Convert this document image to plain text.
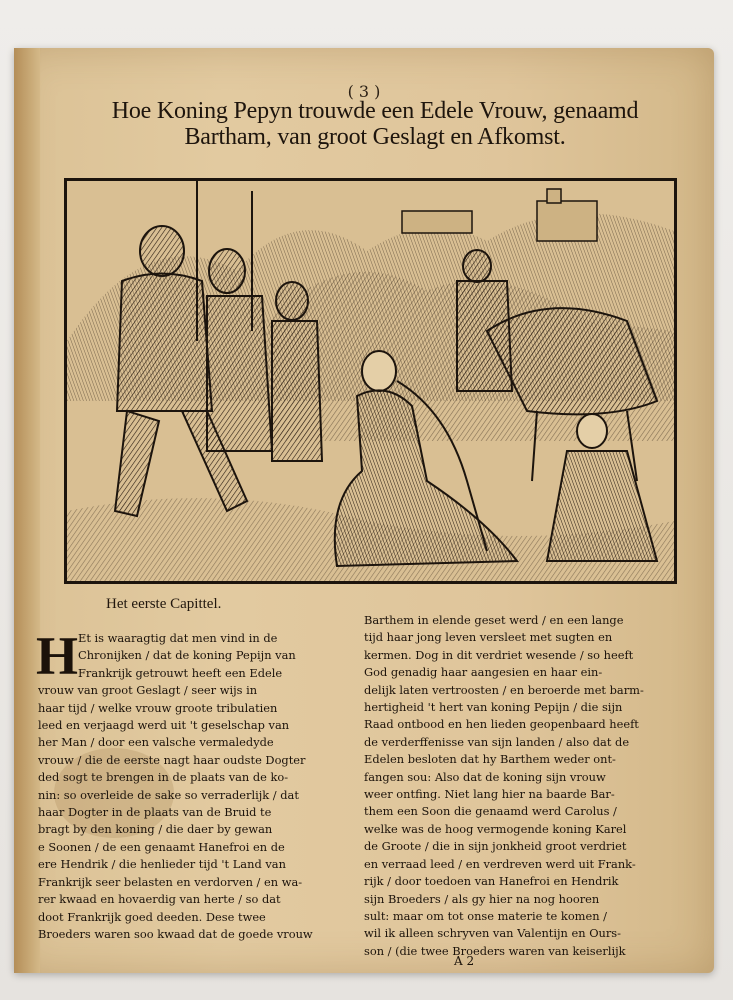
( 3 )
Hoe Koning Pepyn trouwde een Edele Vrouw, genaamd
Bartham, van groot Geslagt en Afkomst.
Het eerste Capittel.
H Et is waaragtig dat men vind in de
Chronijken / dat de koning Pepijn van
Frankrijk getrouwt heeft een Edele
vrouw van groot Geslagt / seer wijs in
haar tijd / welke vrouw groote tribulatien
leed en verjaagd werd uit 't geselschap van
her Man / door een valsche vermaledyde
vrouw / die de eerste nagt haar oudste Dogter
ded sogt te brengen in de plaats van de ko-
nin: so overleide de sake so verraderlijk / dat
haar Dogter in de plaats van de Bruid te
bragt by den koning / die daer by gewan
e Soonen / de een genaamt Hanefroi en de
ere Hendrik / die henlieder tijd 't Land van
Frankrijk seer belasten en verdorven / en wa-
rer kwaad en hovaerdig van herte / so dat
doot Frankrijk goed deeden. Dese twee
Broeders waren soo kwaad dat de goede vrouw
Barthem in elende geset werd / en een lange
tijd haar jong leven versleet met sugten en
kermen. Dog in dit verdriet wesende / so heeft
God genadig haar aangesien en haar ein-
delijk laten vertroosten / en beroerde met barm-
hertigheid 't hert van koning Pepijn / die sijn
Raad ontbood en hen lieden geopenbaard heeft
de verderffenisse van sijn landen / also dat de
Edelen besloten dat hy Barthem weder ont-
fangen sou: Also dat de koning sijn vrouw
weer ontfing. Niet lang hier na baarde Bar-
them een Soon die genaamd werd Carolus /
welke was de hoog vermogende koning Karel
de Groote / die in sijn jonkheid groot verdriet
en verraad leed / en verdreven werd uit Frank-
rijk / door toedoen van Hanefroi en Hendrik
sijn Broeders / als gy hier na nog hooren
sult: maar om tot onse materie te komen /
wil ik alleen schryven van Valentijn en Ours-
son / (die twee Broeders waren van keiserlijk
A 2
